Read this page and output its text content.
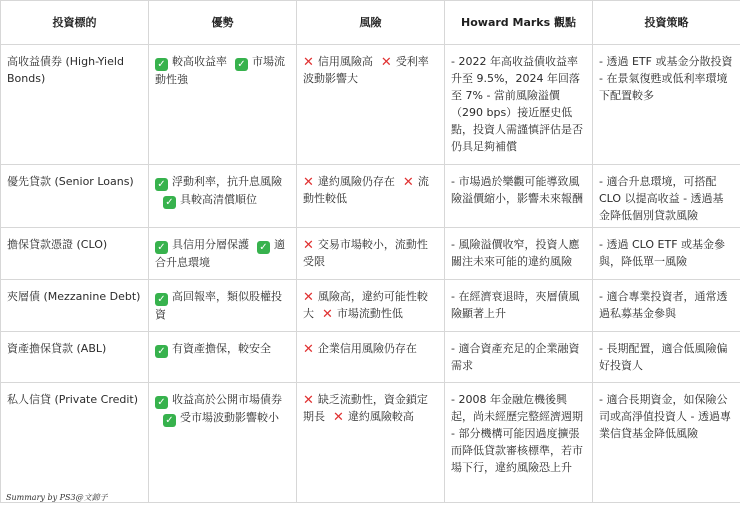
投資標的	優勢	風險	Howard Marks 觀點	投資策略
高收益債券 (High-Yield Bonds)	✓ 較高收益率 ✓ 市場流動性強	✕ 信用風險高 ✕ 受利率波動影響大	- 2022 年高收益債收益率升至 9.5%，2024 年回落至 7% - 當前風險溢價（290 bps）接近歷史低點，投資人需謹慎評估是否仍具足夠補償	- 透過 ETF 或基金分散投資 - 在景氣復甦或低利率環境下配置較多
優先貸款 (Senior Loans)	✓ 浮動利率，抗升息風險✓ 具較高清償順位	✕ 違約風險仍存在 ✕ 流動性較低	- 市場過於樂觀可能導致風險溢價縮小，影響未來報酬	- 適合升息環境，可搭配 CLO 以提高收益 - 透過基金降低個別貸款風險
擔保貸款憑證 (CLO)	✓ 具信用分層保護 ✓ 適合升息環境	✕ 交易市場較小，流動性受限	- 風險溢價收窄，投資人應關注未來可能的違約風險	- 透過 CLO ETF 或基金參與，降低單一風險
夾層債 (Mezzanine Debt)	✓ 高回報率，類似股權投資	✕ 風險高，違約可能性較大 ✕ 市場流動性低	- 在經濟衰退時，夾層債風險顯著上升	- 適合專業投資者，通常透過私募基金參與
資產擔保貸款 (ABL)	✓ 有資產擔保，較安全	✕ 企業信用風險仍存在	- 適合資產充足的企業融資需求	- 長期配置，適合低風險偏好投資人
私人信貸 (Private Credit)	✓ 收益高於公開市場債券✓ 受市場波動影響較小	✕ 缺乏流動性，資金鎖定期長 ✕ 違約風險較高	- 2008 年金融危機後興起，尚未經歷完整經濟週期 - 部分機構可能因過度擴張而降低貸款審核標準，若市場下行，違約風險恐上升	- 適合長期資金，如保險公司或高淨值投資人 - 透過專業信貸基金降低風險
Summary by PS3@文錦子
